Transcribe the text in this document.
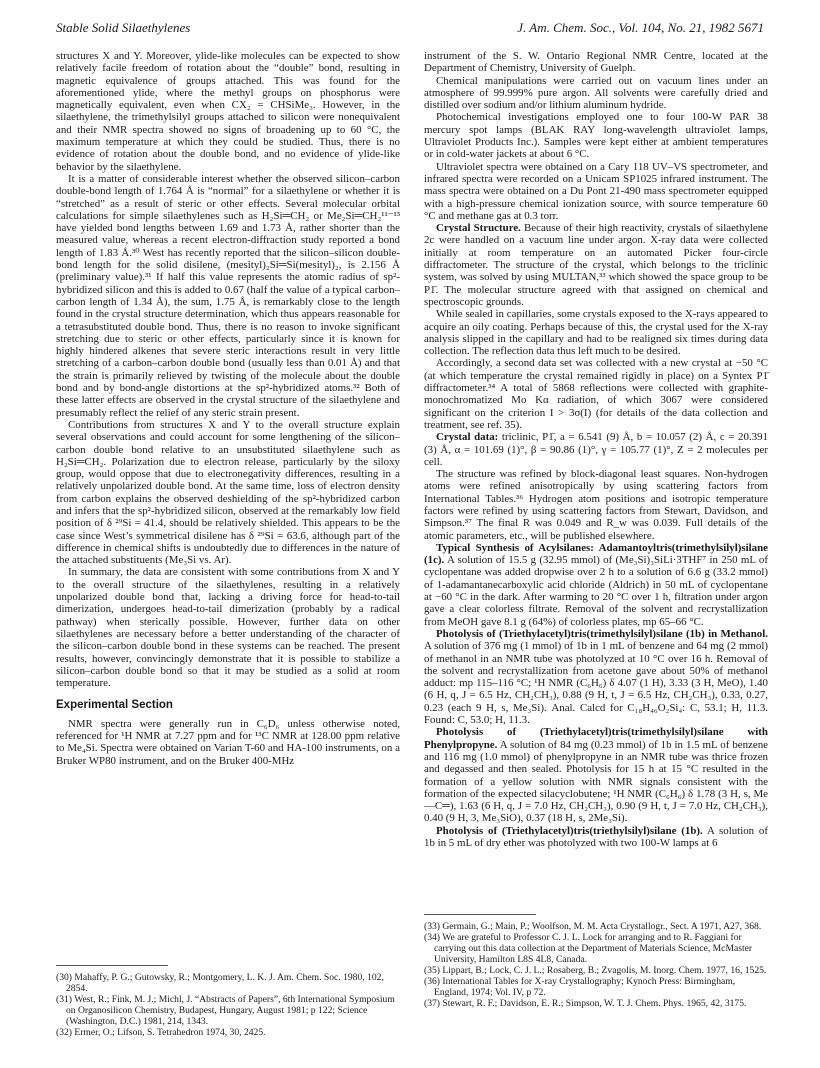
Stable Solid Silaethylenes	J. Am. Chem. Soc., Vol. 104, No. 21, 1982 5671

structures X and Y. Moreover, ylide-like molecules can be expected to show relatively facile freedom of rotation about the “double” bond, resulting in magnetic equivalence of groups attached. This was found for the aforementioned ylide, where the methyl groups on phosphorus were magnetically equivalent, even when CX₂ = CHSiMe₃. However, in the silaethylene, the trimethylsilyl groups attached to silicon were nonequivalent and their NMR spectra showed no signs of broadening up to 60 °C, the maximum temperature at which they could be studied. Thus, there is no evidence of rotation about the double bond, and no evidence of ylide-like behavior by the silaethylene.

It is a matter of considerable interest whether the observed silicon–carbon double-bond length of 1.764 Å is “normal” for a silaethylene or whether it is “stretched” as a result of steric or other effects. Several molecular orbital calculations for simple silaethylenes such as H₂Si═CH₂ or Me₂Si═CH₂¹¹⁻¹³ have yielded bond lengths between 1.69 and 1.73 Å, rather shorter than the measured value, whereas a recent electron-diffraction study reported a bond length of 1.83 Å.³⁰ West has recently reported that the silicon–silicon double-bond length for the solid disilene, (mesityl)₂Si═Si(mesityl)₂, is 2.156 Å (preliminary value).³¹ If half this value represents the atomic radius of sp²-hybridized silicon and this is added to 0.67 (half the value of a typical carbon–carbon length of 1.34 Å), the sum, 1.75 Å, is remarkably close to the length found in the crystal structure determination, which thus appears reasonable for a tetrasubstituted double bond. Thus, there is no reason to invoke significant stretching due to steric or other effects, particularly since it is known for highly hindered alkenes that severe steric interactions result in very little stretching of a carbon–carbon double bond (usually less than 0.01 Å) and that the strain is primarily relieved by twisting of the molecule about the double bond and by bond-angle distortions at the sp²-hybridized atoms.³² Both of these latter effects are observed in the crystal structure of the silaethylene and presumably reflect the relief of any steric strain present.

Contributions from structures X and Y to the overall structure explain several observations and could account for some lengthening of the silicon–carbon double bond relative to an unsubstituted silaethylene such as H₂Si═CH₂. Polarization due to electron release, particularly by the siloxy group, would oppose that due to electronegativity differences, resulting in a relatively unpolarized double bond. At the same time, loss of electron density from carbon explains the observed deshielding of the sp²-hybridized carbon and infers that the sp²-hybridized silicon, observed at the remarkably low field position of δ ²⁹Si = 41.4, should be relatively shielded. This appears to be the case since West’s symmetrical disilene has δ ²⁹Si = 63.6, although part of the difference in chemical shifts is undoubtedly due to differences in the nature of the attached substituents (Me₃Si vs. Ar).

In summary, the data are consistent with some contributions from X and Y to the overall structure of the silaethylenes, resulting in a relatively unpolarized double bond that, lacking a driving force for head-to-tail dimerization, undergoes head-to-tail dimerization (probably by a radical pathway) when sterically possible. However, further data on other silaethylenes are necessary before a better understanding of the character of the silicon–carbon double bond in these systems can be reached. The present results, however, convincingly demonstrate that it is possible to stabilize a silicon–carbon double bond so that it may be studied as a solid at room temperature.

Experimental Section

NMR spectra were generally run in C₆D₆ unless otherwise noted, referenced for ¹H NMR at 7.27 ppm and for ¹³C NMR at 128.00 ppm relative to Me₄Si. Spectra were obtained on Varian T-60 and HA-100 instruments, on a Bruker WP80 instrument, and on the Bruker 400-MHz

(30) Mahaffy, P. G.; Gutowsky, R.; Montgomery, L. K. J. Am. Chem. Soc. 1980, 102, 2854.

(31) West, R.; Fink, M. J.; Michl, J. “Abstracts of Papers”, 6th International Symposium on Organosilicon Chemistry, Budapest, Hungary, August 1981; p 122; Science (Washington, D.C.) 1981, 214, 1343.

(32) Ermer, O.; Lifson, S. Tetrahedron 1974, 30, 2425.

instrument of the S. W. Ontario Regional NMR Centre, located at the Department of Chemistry, University of Guelph.

Chemical manipulations were carried out on vacuum lines under an atmosphere of 99.999% pure argon. All solvents were carefully dried and distilled over sodium and/or lithium aluminum hydride.

Photochemical investigations employed one to four 100-W PAR 38 mercury spot lamps (BLAK RAY long-wavelength ultraviolet lamps, Ultraviolet Products Inc.). Samples were kept either at ambient temperatures or in cold-water jackets at about 6 °C.

Ultraviolet spectra were obtained on a Cary 118 UV–VS spectrometer, and infrared spectra were recorded on a Unicam SP1025 infrared instrument. The mass spectra were obtained on a Du Pont 21-490 mass spectrometer equipped with a high-pressure chemical ionization source, with source temperature 60 °C and methane gas at 0.3 torr.

Crystal Structure. Because of their high reactivity, crystals of silaethylene 2c were handled on a vacuum line under argon. X-ray data were collected initially at room temperature on an automated Picker four-circle diffractometer. The structure of the crystal, which belongs to the triclinic system, was solved by using MULTAN,³³ which showed the space group to be P1̄. The molecular structure agreed with that assigned on chemical and spectroscopic grounds.

While sealed in capillaries, some crystals exposed to the X-rays appeared to acquire an oily coating. Perhaps because of this, the crystal used for the X-ray analysis slipped in the capillary and had to be realigned six times during data collection. The reflection data thus left much to be desired.

Accordingly, a second data set was collected with a new crystal at −50 °C (at which temperature the crystal remained rigidly in place) on a Syntex P1̄ diffractometer.³⁴ A total of 5868 reflections were collected with graphite-monochromatized Mo Kα radiation, of which 3067 were considered significant on the criterion I > 3σ(I) (for details of the data collection and treatment, see ref. 35).

Crystal data: triclinic, P1̄, a = 6.541 (9) Å, b = 10.057 (2) Å, c = 20.391 (3) Å, α = 101.69 (1)°, β = 90.86 (1)°, γ = 105.77 (1)°, Z = 2 molecules per cell.

The structure was refined by block-diagonal least squares. Non-hydrogen atoms were refined anisotropically by using scattering factors from International Tables.³⁶ Hydrogen atom positions and isotropic temperature factors were refined by using scattering factors from Stewart, Davidson, and Simpson.³⁷ The final R was 0.049 and R_w was 0.039. Full details of the atomic parameters, etc., will be published elsewhere.

Typical Synthesis of Acylsilanes: Adamantoyltris(trimethylsilyl)silane (1c). A solution of 15.5 g (32.95 mmol) of (Me₃Si)₃SiLi·3THF⁷ in 250 mL of cyclopentane was added dropwise over 2 h to a solution of 6.6 g (33.2 mmol) of 1-adamantanecarboxylic acid chloride (Aldrich) in 50 mL of cyclopentane at −60 °C in the dark. After warming to 20 °C over 1 h, filtration under argon gave a clear colorless filtrate. Removal of the solvent and recrystallization from MeOH gave 8.1 g (64%) of colorless plates, mp 65–66 °C.

Photolysis of (Triethylacetyl)tris(trimethylsilyl)silane (1b) in Methanol. A solution of 376 mg (1 mmol) of 1b in 1 mL of benzene and 64 mg (2 mmol) of methanol in an NMR tube was photolyzed at 10 °C over 16 h. Removal of the solvent and recrystallization from acetone gave about 50% of methanol adduct: mp 115–116 °C; ¹H NMR (C₆H₆) δ 4.07 (1 H), 3.33 (3 H, MeO), 1.40 (6 H, q, J = 6.5 Hz, CH₂CH₃), 0.88 (9 H, t, J = 6.5 Hz, CH₂CH₃), 0.33, 0.27, 0.23 (each 9 H, s, Me₃Si). Anal. Calcd for C₁₈H₄₆O₂Si₄: C, 53.1; H, 11.3. Found: C, 53.0; H, 11.3.

Photolysis of (Triethylacetyl)tris(trimethylsilyl)silane with Phenylpropyne. A solution of 84 mg (0.23 mmol) of 1b in 1.5 mL of benzene and 116 mg (1.0 mmol) of phenylpropyne in an NMR tube was thrice frozen and degassed and then sealed. Photolysis for 15 h at 15 °C resulted in the formation of a yellow solution with NMR signals consistent with the formation of the expected silacyclobutene; ¹H NMR (C₆H₆) δ 1.78 (3 H, s, Me—C═), 1.63 (6 H, q, J = 7.0 Hz, CH₂CH₃), 0.90 (9 H, t, J = 7.0 Hz, CH₂CH₃), 0.40 (9 H, 3, Me₃SiO), 0.37 (18 H, s, 2Me₃Si).

Photolysis of (Triethylacetyl)tris(triethylsilyl)silane (1b). A solution of 1b in 5 mL of dry ether was photolyzed with two 100-W lamps at 6

(33) Germain, G.; Main, P.; Woolfson, M. M. Acta Crystallogr., Sect. A 1971, A27, 368.

(34) We are grateful to Professor C. J. L. Lock for arranging and to R. Faggiani for carrying out this data collection at the Department of Materials Science, McMaster University, Hamilton L8S 4L8, Canada.

(35) Lippart, B.; Lock, C. J. L.; Rosaberg, B.; Zvagolis, M. Inorg. Chem. 1977, 16, 1525.

(36) International Tables for X-ray Crystallography; Kynoch Press: Birmingham, England, 1974; Vol. IV, p 72.

(37) Stewart, R. F.; Davidson, E. R.; Simpson, W. T. J. Chem. Phys. 1965, 42, 3175.
